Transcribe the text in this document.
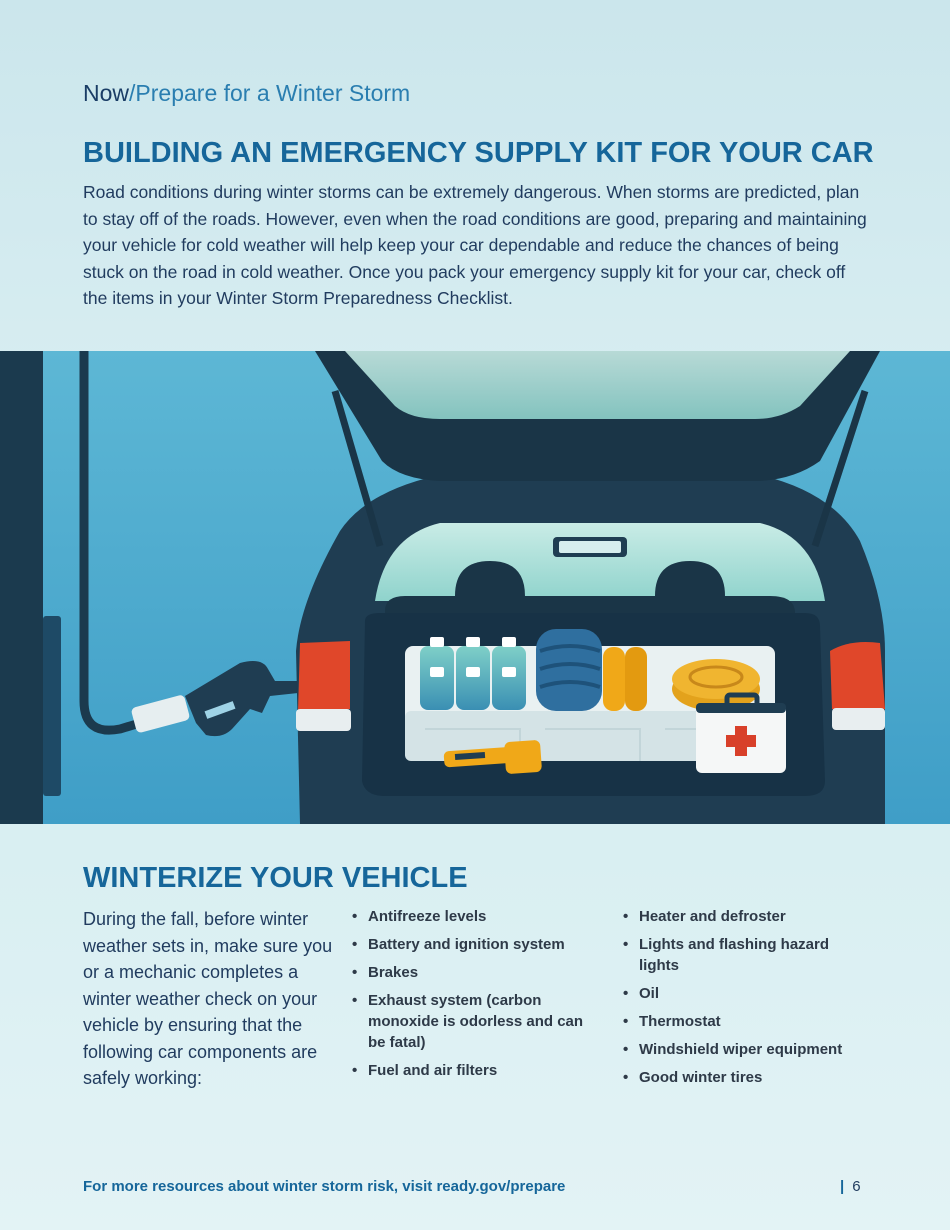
Now/Prepare for a Winter Storm
BUILDING AN EMERGENCY SUPPLY KIT FOR YOUR CAR

Road conditions during winter storms can be extremely dangerous. When storms are predicted, plan to stay off of the roads. However, even when the road conditions are good, preparing and maintaining your vehicle for cold weather will help keep your car dependable and reduce the chances of being stuck on the road in cold weather. Once you pack your emergency supply kit for your car, check off the items in your Winter Storm Preparedness Checklist.

WINTERIZE YOUR VEHICLE

During the fall, before winter weather sets in, make sure you or a mechanic completes a winter weather check on your vehicle by ensuring that the following car components are safely working:

• Antifreeze levels
• Battery and ignition system
• Brakes
• Exhaust system (carbon monoxide is odorless and can be fatal)
• Fuel and air filters
• Heater and defroster
• Lights and flashing hazard lights
• Oil
• Thermostat
• Windshield wiper equipment
• Good winter tires
For more resources about winter storm risk, visit ready.gov/prepare	| 6
